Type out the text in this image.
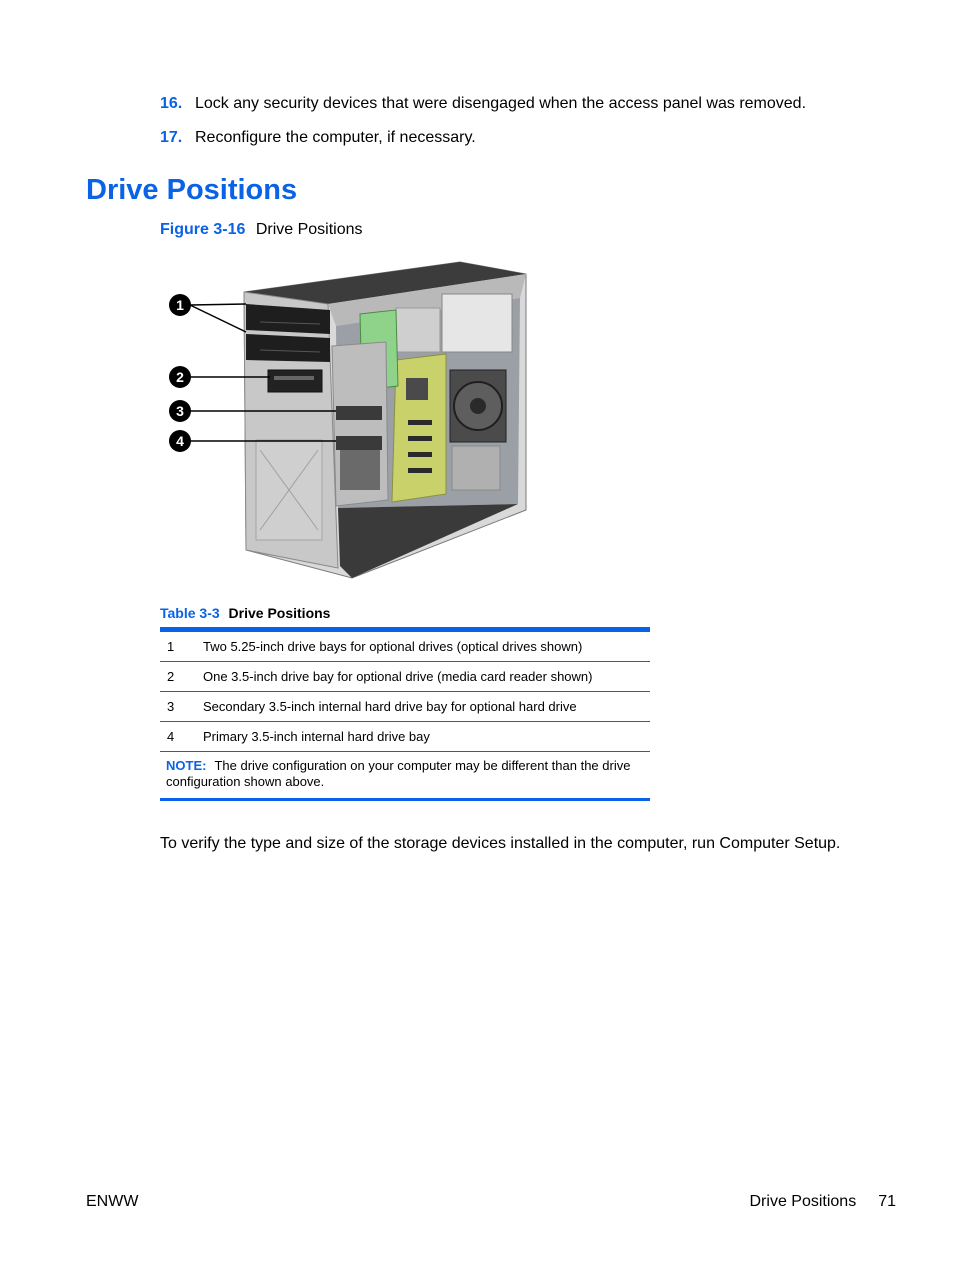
16. Lock any security devices that were disengaged when the access panel was removed.
17. Reconfigure the computer, if necessary.
Drive Positions
Figure 3-16 Drive Positions
1
2
3
4
Table 3-3 Drive Positions
1	Two 5.25-inch drive bays for optional drives (optical drives shown)
2	One 3.5-inch drive bay for optional drive (media card reader shown)
3	Secondary 3.5-inch internal hard drive bay for optional hard drive
4	Primary 3.5-inch internal hard drive bay
NOTE: The drive configuration on your computer may be different than the drive configuration shown above.

To verify the type and size of the storage devices installed in the computer, run Computer Setup.

ENWW	Drive Positions 71
